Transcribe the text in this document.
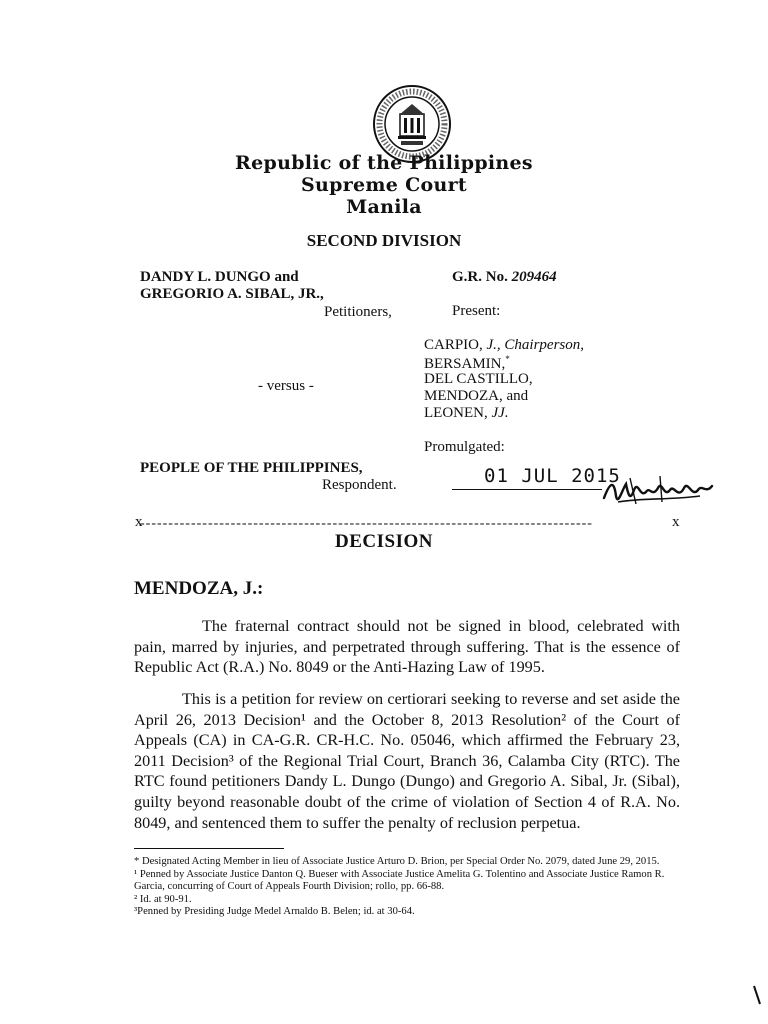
Republic of the Philippines
Supreme Court
Manila
SECOND DIVISION
DANDY L. DUNGO and
GREGORIO A. SIBAL, JR.,
Petitioners,
- versus -
PEOPLE OF THE PHILIPPINES,
Respondent.
G.R. No. 209464
Present:
CARPIO, J., Chairperson,
BERSAMIN,*
DEL CASTILLO,
MENDOZA, and
LEONEN, JJ.
Promulgated:
01 JUL 2015
x
--------------------------------------------------------------------------------	x
DECISION
MENDOZA, J.:

The fraternal contract should not be signed in blood, celebrated with pain, marred by injuries, and perpetrated through suffering. That is the essence of Republic Act (R.A.) No. 8049 or the Anti-Hazing Law of 1995.

This is a petition for review on certiorari seeking to reverse and set aside the April 26, 2013 Decision¹ and the October 8, 2013 Resolution² of the Court of Appeals (CA) in CA-G.R. CR-H.C. No. 05046, which affirmed the February 23, 2011 Decision³ of the Regional Trial Court, Branch 36, Calamba City (RTC). The RTC found petitioners Dandy L. Dungo (Dungo) and Gregorio A. Sibal, Jr. (Sibal), guilty beyond reasonable doubt of the crime of violation of Section 4 of R.A. No. 8049, and sentenced them to suffer the penalty of reclusion perpetua.

* Designated Acting Member in lieu of Associate Justice Arturo D. Brion, per Special Order No. 2079, dated June 29, 2015.
¹ Penned by Associate Justice Danton Q. Bueser with Associate Justice Amelita G. Tolentino and Associate Justice Ramon R. Garcia, concurring of Court of Appeals Fourth Division; rollo, pp. 66-88.
² Id. at 90-91.
³Penned by Presiding Judge Medel Arnaldo B. Belen; id. at 30-64.
